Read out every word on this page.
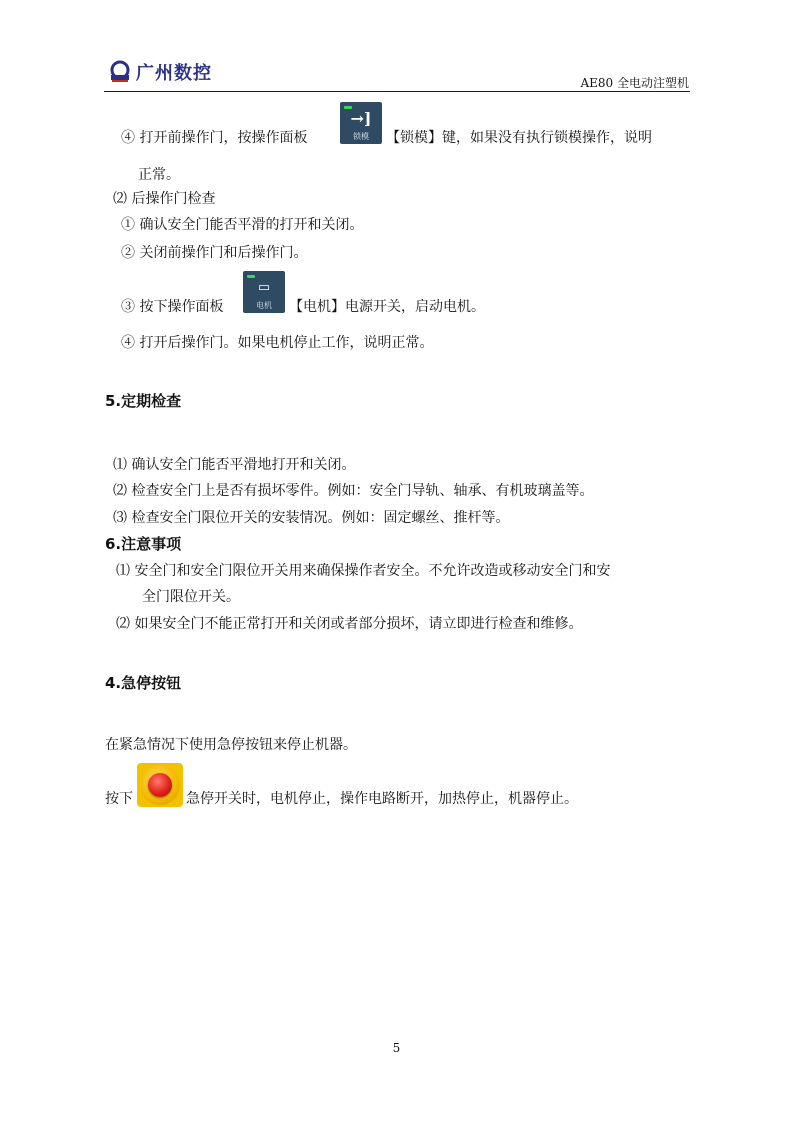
广州数控	AE80 全电动注塑机
④ 打开前操作门，按操作面板
→]
锁模	【锁模】键，如果没有执行锁模操作，说明
正常。
⑵ 后操作门检查
① 确认安全门能否平滑的打开和关闭。
② 关闭前操作门和后操作门。
③ 按下操作面板
▭
电机	【电机】电源开关，启动电机。
④ 打开后操作门。如果电机停止工作，说明正常。
5.定期检查
⑴ 确认安全门能否平滑地打开和关闭。
⑵ 检查安全门上是否有损坏零件。例如：安全门导轨、轴承、有机玻璃盖等。
⑶ 检查安全门限位开关的安装情况。例如：固定螺丝、推杆等。
6.注意事项
⑴ 安全门和安全门限位开关用来确保操作者安全。不允许改造或移动安全门和安
全门限位开关。
⑵ 如果安全门不能正常打开和关闭或者部分损坏，请立即进行检查和维修。
4.急停按钮
在紧急情况下使用急停按钮来停止机器。
按下	急停开关时，电机停止，操作电路断开，加热停止，机器停止。
5
